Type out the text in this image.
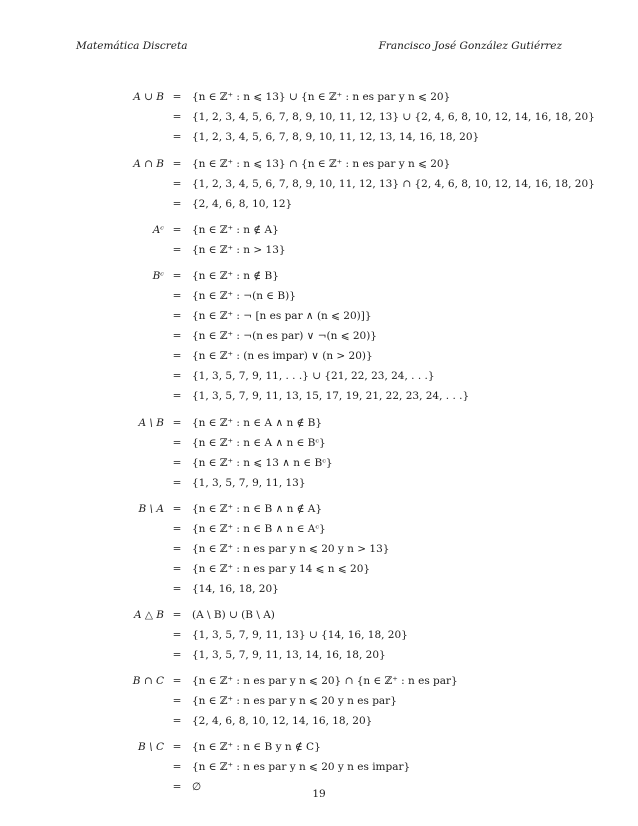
Matemática Discreta	Francisco José González Gutiérrez
A ∪ B = {n ∈ ℤ⁺ : n ⩽ 13} ∪ {n ∈ ℤ⁺ : n es par y n ⩽ 20}
= {1, 2, 3, 4, 5, 6, 7, 8, 9, 10, 11, 12, 13} ∪ {2, 4, 6, 8, 10, 12, 14, 16, 18, 20}
= {1, 2, 3, 4, 5, 6, 7, 8, 9, 10, 11, 12, 13, 14, 16, 18, 20}
A ∩ B = {n ∈ ℤ⁺ : n ⩽ 13} ∩ {n ∈ ℤ⁺ : n es par y n ⩽ 20}
= {1, 2, 3, 4, 5, 6, 7, 8, 9, 10, 11, 12, 13} ∩ {2, 4, 6, 8, 10, 12, 14, 16, 18, 20}
= {2, 4, 6, 8, 10, 12}
Aᶜ = {n ∈ ℤ⁺ : n ∉ A}
= {n ∈ ℤ⁺ : n > 13}
Bᶜ = {n ∈ ℤ⁺ : n ∉ B}
= {n ∈ ℤ⁺ : ¬(n ∈ B)}
= {n ∈ ℤ⁺ : ¬ [n es par ∧ (n ⩽ 20)]}
= {n ∈ ℤ⁺ : ¬(n es par) ∨ ¬(n ⩽ 20)}
= {n ∈ ℤ⁺ : (n es impar) ∨ (n > 20)}
= {1, 3, 5, 7, 9, 11, . . .} ∪ {21, 22, 23, 24, . . .}
= {1, 3, 5, 7, 9, 11, 13, 15, 17, 19, 21, 22, 23, 24, . . .}
A \ B = {n ∈ ℤ⁺ : n ∈ A ∧ n ∉ B}
= {n ∈ ℤ⁺ : n ∈ A ∧ n ∈ Bᶜ}
= {n ∈ ℤ⁺ : n ⩽ 13 ∧ n ∈ Bᶜ}
= {1, 3, 5, 7, 9, 11, 13}
B \ A = {n ∈ ℤ⁺ : n ∈ B ∧ n ∉ A}
= {n ∈ ℤ⁺ : n ∈ B ∧ n ∈ Aᶜ}
= {n ∈ ℤ⁺ : n es par y n ⩽ 20 y n > 13}
= {n ∈ ℤ⁺ : n es par y 14 ⩽ n ⩽ 20}
= {14, 16, 18, 20}
A △ B = (A \ B) ∪ (B \ A)
= {1, 3, 5, 7, 9, 11, 13} ∪ {14, 16, 18, 20}
= {1, 3, 5, 7, 9, 11, 13, 14, 16, 18, 20}
B ∩ C = {n ∈ ℤ⁺ : n es par y n ⩽ 20} ∩ {n ∈ ℤ⁺ : n es par}
= {n ∈ ℤ⁺ : n es par y n ⩽ 20 y n es par}
= {2, 4, 6, 8, 10, 12, 14, 16, 18, 20}
B \ C = {n ∈ ℤ⁺ : n ∈ B y n ∉ C}
= {n ∈ ℤ⁺ : n es par y n ⩽ 20 y n es impar}
= ∅
19
